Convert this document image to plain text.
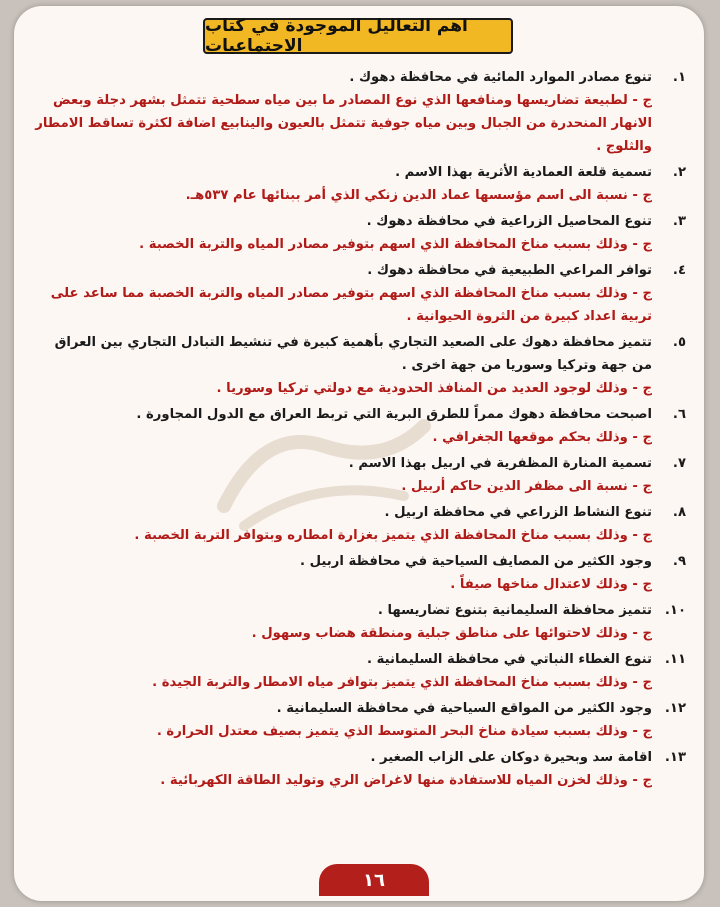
اهم التعاليل الموجودة في كتاب الاجتماعيات
١.
تنوع مصادر الموارد المائية في محافظة دهوك .
ج - لطبيعة تضاريسها ومنافعها الذي نوع المصادر ما بين مياه سطحية تتمثل بشهر دجلة وبعض الانهار المنحدرة من الجبال وبين مياه جوفية تتمثل بالعيون والينابيع اضافة لكثرة تساقط الامطار والثلوج .
٢.
تسمية قلعة العمادية الأثرية بهذا الاسم .
ج - نسبة الى اسم مؤسسها عماد الدين زنكي الذي أمر ببنائها عام ٥٣٧هـ.
٣.
تنوع المحاصيل الزراعية في محافظة دهوك .
ج - وذلك بسبب مناخ المحافظة الذي اسهم بتوفير مصادر المياه والتربة الخصبة .
٤.
توافر المراعي الطبيعية في محافظة دهوك .
ج - وذلك بسبب مناخ المحافظة الذي اسهم بتوفير مصادر المياه والتربة الخصبة مما ساعد على تربية اعداد كبيرة من الثروة الحيوانية .
٥.
تتميز محافظة دهوك على الصعيد التجاري بأهمية كبيرة في تنشيط التبادل التجاري بين العراق من جهة وتركيا وسوريا من جهة اخرى .
ج - وذلك لوجود العديد من المنافذ الحدودية مع دولتي تركيا وسوريا .
٦.
اصبحت محافظة دهوك ممراً للطرق البرية التي تربط العراق مع الدول المجاورة .
ج - وذلك بحكم موقعها الجغرافي .
٧.
تسمية المنارة المظفرية في اربيل بهذا الاسم .
ج - نسبة الى مظفر الدين حاكم أربيل .
٨.
تنوع النشاط الزراعي في محافظة اربيل .
ج - وذلك بسبب مناخ المحافظة الذي يتميز بغزارة امطاره وبتوافر التربة الخصبة .
٩.
وجود الكثير من المصايف السياحية في محافظة اربيل .
ج - وذلك لاعتدال مناخها صيفاً .
١٠.
تتميز محافظة السليمانية بتنوع تضاريسها .
ج - وذلك لاحتوائها على مناطق جبلية ومنطقة هضاب وسهول .
١١.
تنوع الغطاء النباتي في محافظة السليمانية .
ج - وذلك بسبب مناخ المحافظة الذي يتميز بتوافر مياه الامطار والتربة الجيدة .
١٢.
وجود الكثير من المواقع السياحية في محافظة السليمانية .
ج - وذلك بسبب سيادة مناخ البحر المتوسط الذي يتميز بصيف معتدل الحرارة .
١٣.
اقامة سد وبحيرة دوكان على الزاب الصغير .
ج - وذلك لخزن المياه للاستفادة منها لاغراض الري وتوليد الطاقة الكهربائية .
١٦
